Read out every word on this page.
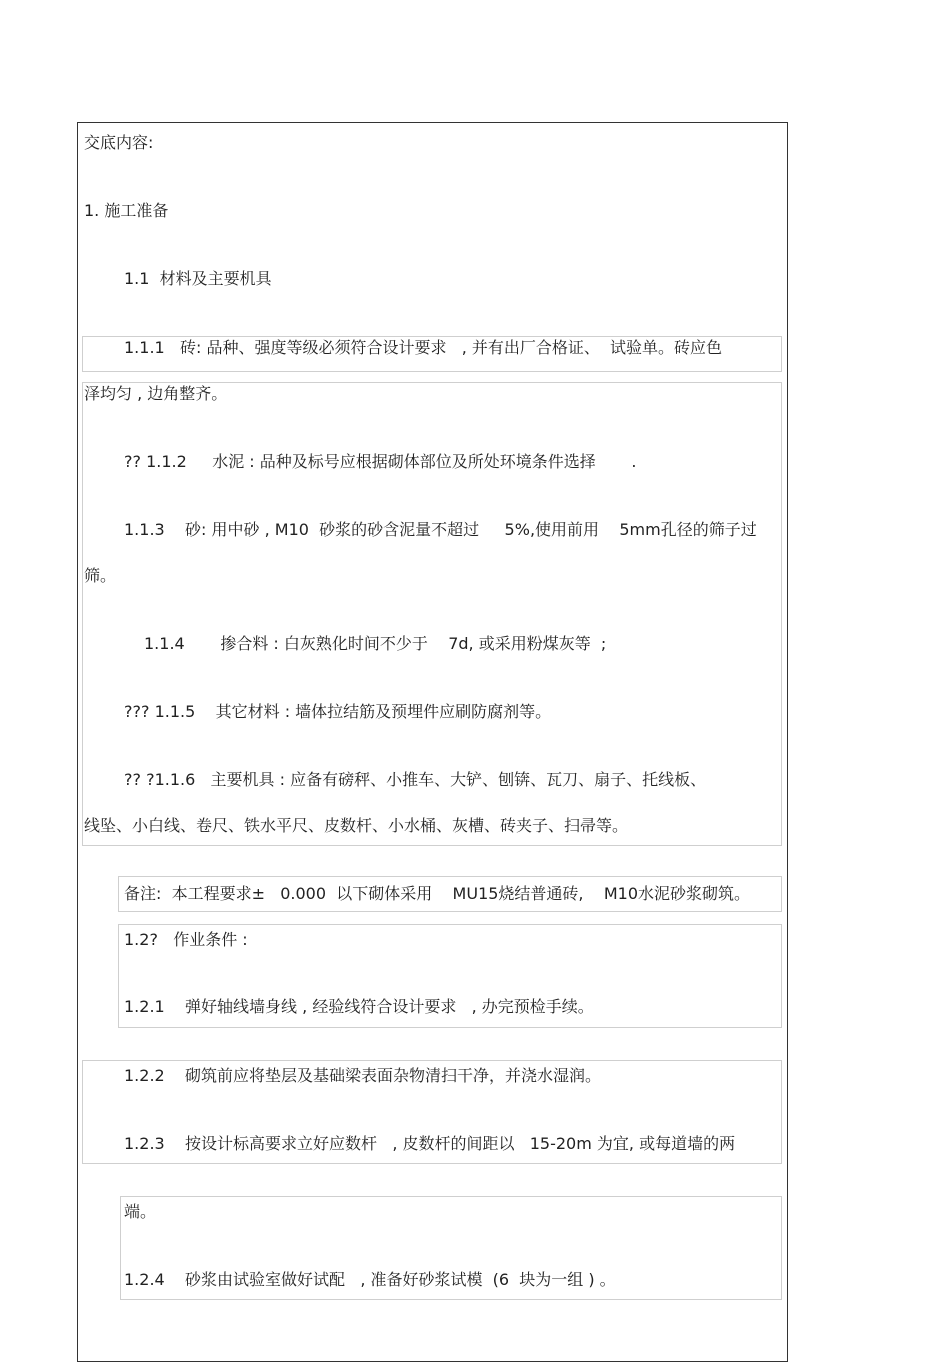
交底内容:
1. 施工准备
1.1  材料及主要机具
1.1.1   砖: 品种、强度等级必须符合设计要求   , 并有出厂合格证、  试验单。砖应色
泽均匀 , 边角整齐。
?? 1.1.2     水泥 : 品种及标号应根据砌体部位及所处环境条件选择       .
1.1.3    砂: 用中砂 , M10  砂浆的砂含泥量不超过     5%,使用前用    5mm孔径的筛子过
筛。
1.1.4       掺合料 : 白灰熟化时间不少于    7d, 或采用粉煤灰等  ;
??? 1.1.5    其它材料 : 墙体拉结筋及预埋件应刷防腐剂等。
?? ?1.1.6   主要机具 : 应备有磅秤、小推车、大铲、刨锛、瓦刀、扇子、托线板、
线坠、小白线、卷尺、铁水平尺、皮数杆、小水桶、灰槽、砖夹子、扫帚等。
备注:  本工程要求±   0.000  以下砌体采用    MU15烧结普通砖,    M10水泥砂浆砌筑。
1.2?   作业条件 :
1.2.1    弹好轴线墙身线 , 经验线符合设计要求   , 办完预检手续。
1.2.2    砌筑前应将垫层及基础梁表面杂物清扫干净，并浇水湿润。
1.2.3    按设计标高要求立好应数杆   , 皮数杆的间距以   15-20m 为宜, 或每道墙的两
端。
1.2.4    砂浆由试验室做好试配   , 准备好砂浆试模  (6  块为一组 ) 。
